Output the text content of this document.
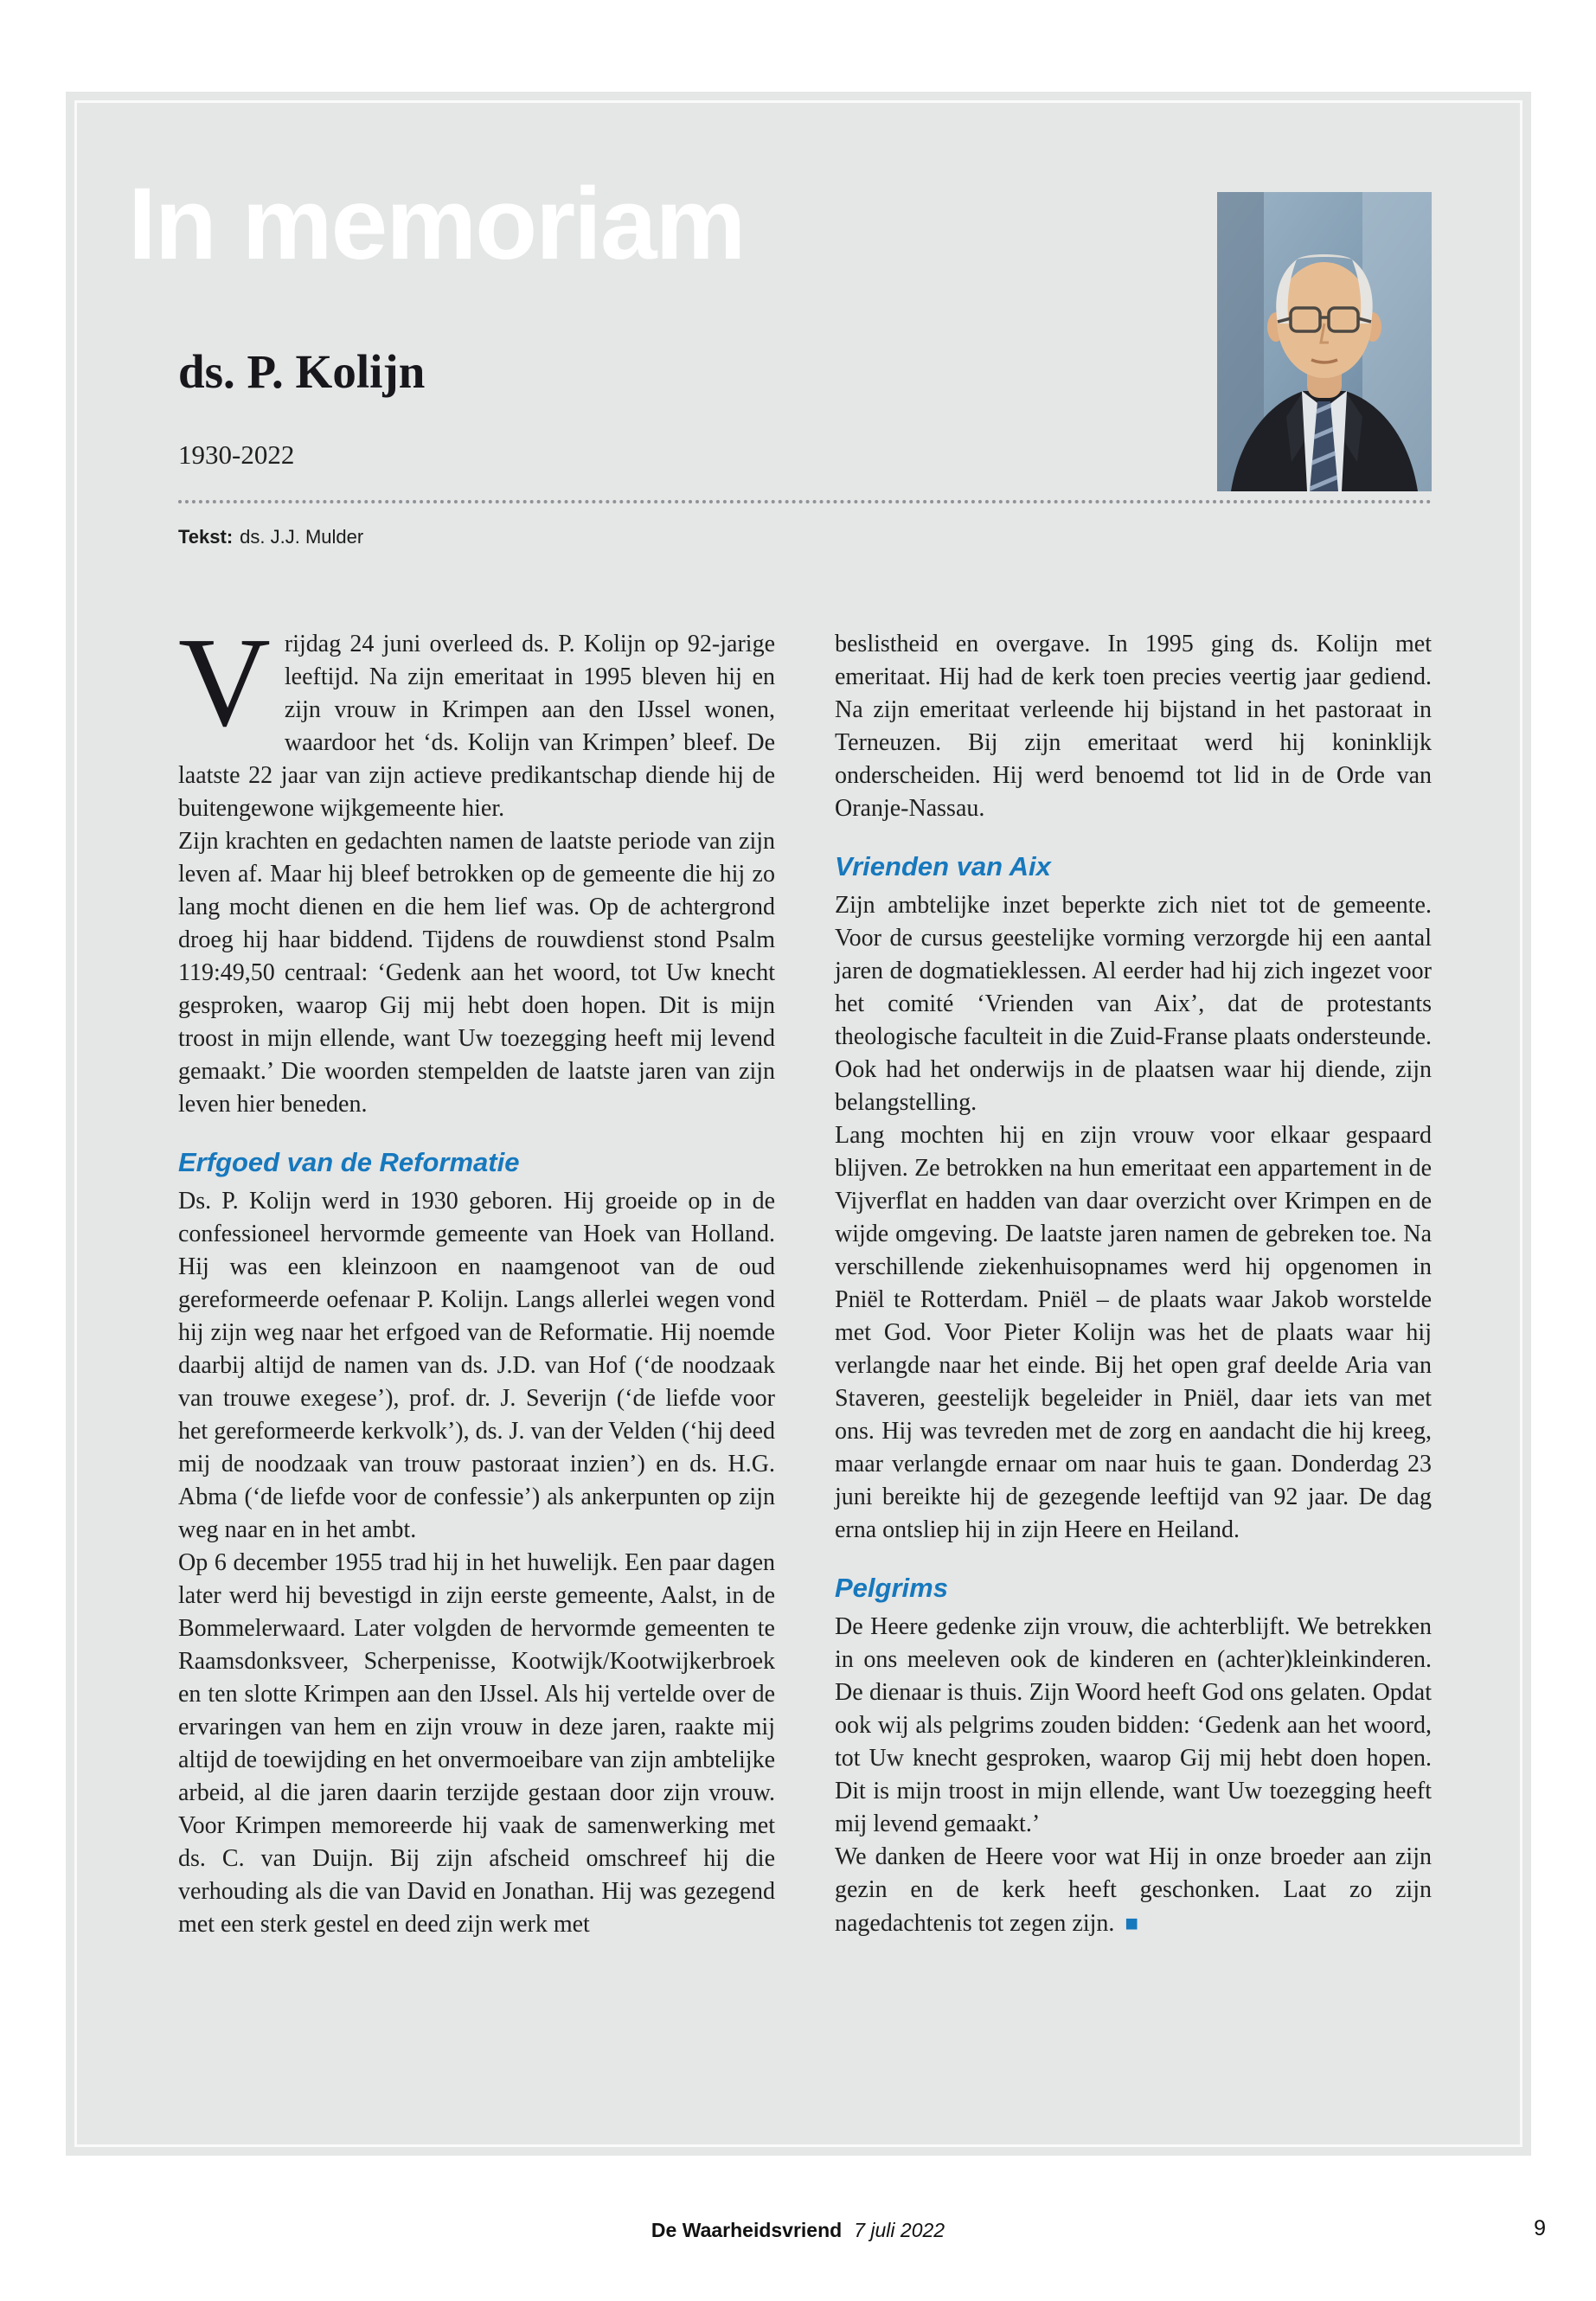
In memoriam
ds. P. Kolijn
1930-2022
Tekst: ds. J.J. Mulder

Vrijdag 24 juni overleed ds. P. Kolijn op 92-jarige leeftijd. Na zijn emeritaat in 1995 bleven hij en zijn vrouw in Krimpen aan den IJssel wonen, waardoor het ‘ds. Kolijn van Krimpen’ bleef. De laatste 22 jaar van zijn actieve predikantschap diende hij de buitengewone wijkgemeente hier.

Zijn krachten en gedachten namen de laatste periode van zijn leven af. Maar hij bleef betrokken op de gemeente die hij zo lang mocht dienen en die hem lief was. Op de achtergrond droeg hij haar biddend. Tijdens de rouwdienst stond Psalm 119:49,50 centraal: ‘Gedenk aan het woord, tot Uw knecht gesproken, waarop Gij mij hebt doen hopen. Dit is mijn troost in mijn ellende, want Uw toezegging heeft mij levend gemaakt.’ Die woorden stempelden de laatste jaren van zijn leven hier beneden.

Erfgoed van de Reformatie

Ds. P. Kolijn werd in 1930 geboren. Hij groeide op in de confessioneel hervormde gemeente van Hoek van Holland. Hij was een kleinzoon en naamgenoot van de oud gereformeerde oefenaar P. Kolijn. Langs allerlei wegen vond hij zijn weg naar het erfgoed van de Reformatie. Hij noemde daarbij altijd de namen van ds. J.D. van Hof (‘de noodzaak van trouwe exegese’), prof. dr. J. Severijn (‘de liefde voor het gereformeerde kerkvolk’), ds. J. van der Velden (‘hij deed mij de noodzaak van trouw pastoraat inzien’) en ds. H.G. Abma (‘de liefde voor de confessie’) als ankerpunten op zijn weg naar en in het ambt.

Op 6 december 1955 trad hij in het huwelijk. Een paar dagen later werd hij bevestigd in zijn eerste gemeente, Aalst, in de Bommelerwaard. Later volgden de hervormde gemeenten te Raamsdonksveer, Scherpenisse, Kootwijk/Kootwijkerbroek en ten slotte Krimpen aan den IJssel. Als hij vertelde over de ervaringen van hem en zijn vrouw in deze jaren, raakte mij altijd de toewijding en het onvermoeibare van zijn ambtelijke arbeid, al die jaren daarin terzijde gestaan door zijn vrouw. Voor Krimpen memoreerde hij vaak de samenwerking met ds. C. van Duijn. Bij zijn afscheid omschreef hij die verhouding als die van David en Jonathan. Hij was gezegend met een sterk gestel en deed zijn werk met

beslistheid en overgave. In 1995 ging ds. Kolijn met emeritaat. Hij had de kerk toen precies veertig jaar gediend. Na zijn emeritaat verleende hij bijstand in het pastoraat in Terneuzen. Bij zijn emeritaat werd hij koninklijk onderscheiden. Hij werd benoemd tot lid in de Orde van Oranje-Nassau.

Vrienden van Aix

Zijn ambtelijke inzet beperkte zich niet tot de gemeente. Voor de cursus geestelijke vorming verzorgde hij een aantal jaren de dogmatieklessen. Al eerder had hij zich ingezet voor het comité ‘Vrienden van Aix’, dat de protestants theologische faculteit in die Zuid-Franse plaats ondersteunde. Ook had het onderwijs in de plaatsen waar hij diende, zijn belangstelling.

Lang mochten hij en zijn vrouw voor elkaar gespaard blijven. Ze betrokken na hun emeritaat een appartement in de Vijverflat en hadden van daar overzicht over Krimpen en de wijde omgeving. De laatste jaren namen de gebreken toe. Na verschillende ziekenhuisopnames werd hij opgenomen in Pniël te Rotterdam. Pniël – de plaats waar Jakob worstelde met God. Voor Pieter Kolijn was het de plaats waar hij verlangde naar het einde. Bij het open graf deelde Aria van Staveren, geestelijk begeleider in Pniël, daar iets van met ons. Hij was tevreden met de zorg en aandacht die hij kreeg, maar verlangde ernaar om naar huis te gaan. Donderdag 23 juni bereikte hij de gezegende leeftijd van 92 jaar. De dag erna ontsliep hij in zijn Heere en Heiland.

Pelgrims

De Heere gedenke zijn vrouw, die achterblijft. We betrekken in ons meeleven ook de kinderen en (achter)kleinkinderen. De dienaar is thuis. Zijn Woord heeft God ons gelaten. Opdat ook wij als pelgrims zouden bidden: ‘Gedenk aan het woord, tot Uw knecht gesproken, waarop Gij mij hebt doen hopen. Dit is mijn troost in mijn ellende, want Uw toezegging heeft mij levend gemaakt.’

We danken de Heere voor wat Hij in onze broeder aan zijn gezin en de kerk heeft geschonken. Laat zo zijn nagedachtenis tot zegen zijn. ■

De Waarheidsvriend 7 juli 2022	9
